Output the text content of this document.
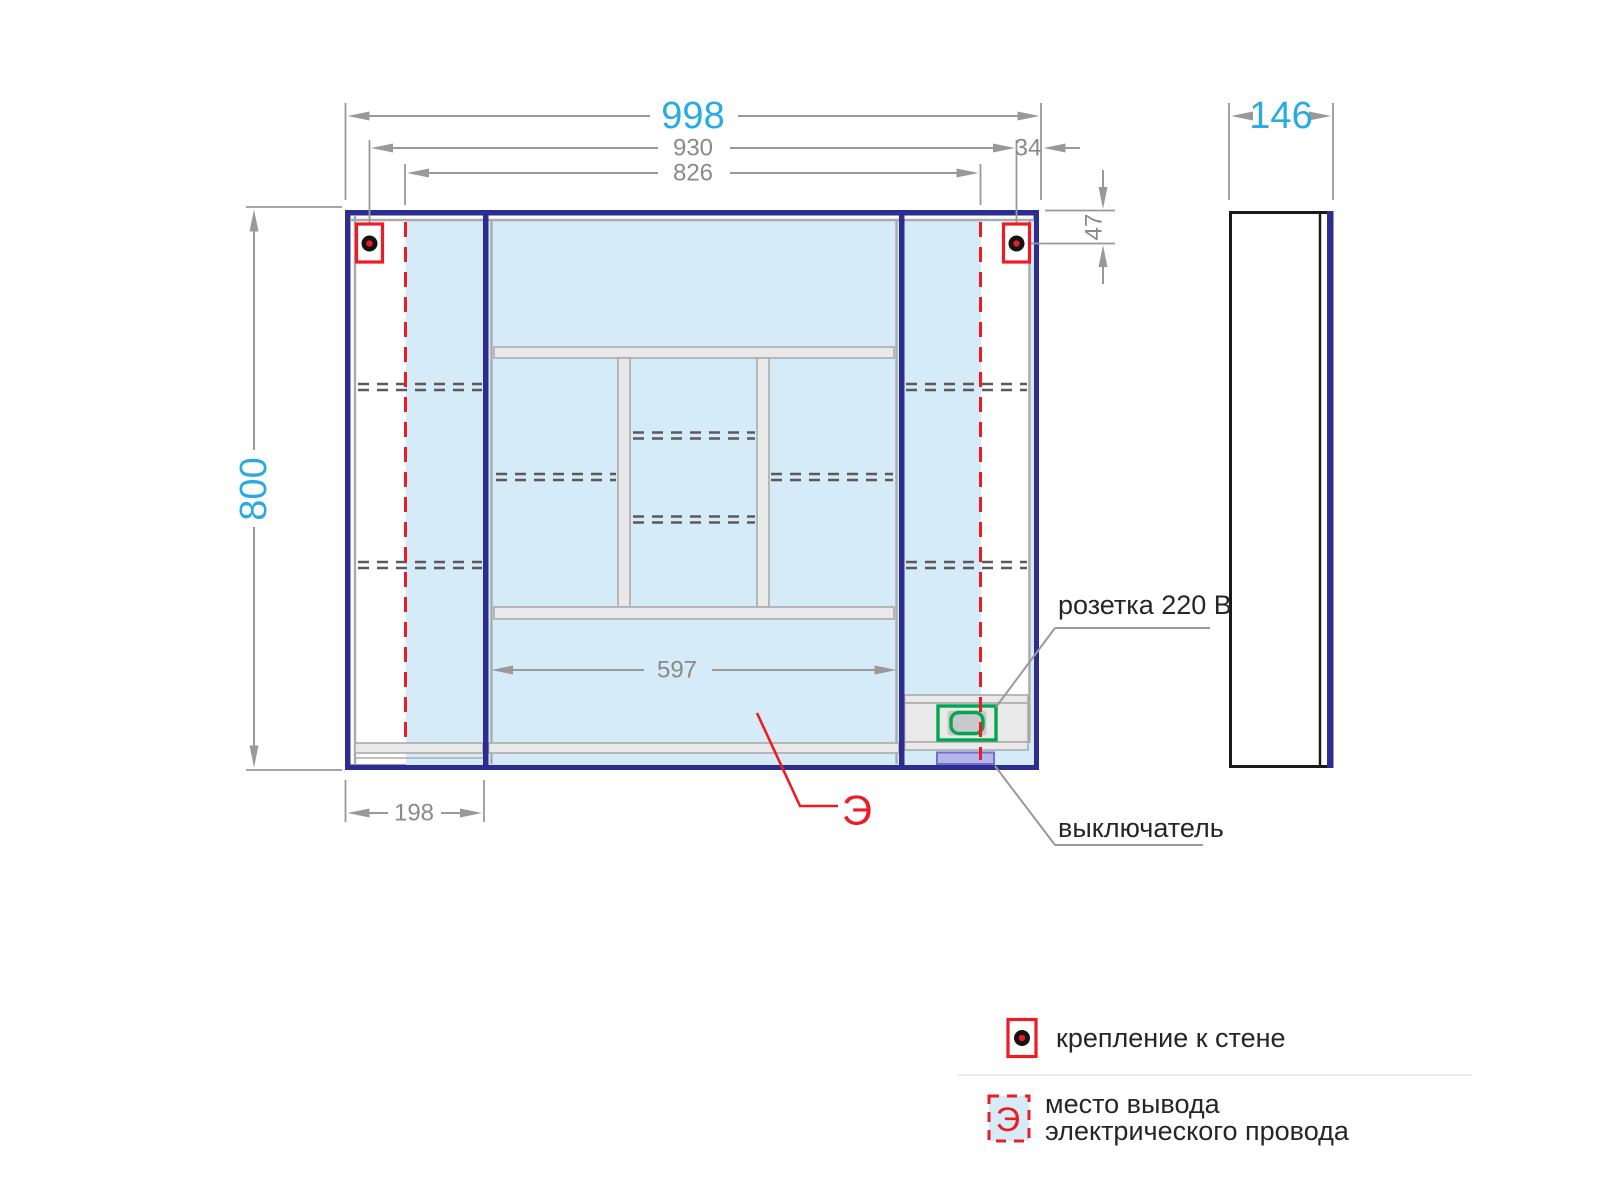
998
930
826
34
47
800
198
597
146
розетка 220 В
выключатель
Э
крепление к стене
Э место вывода
электрического провода
